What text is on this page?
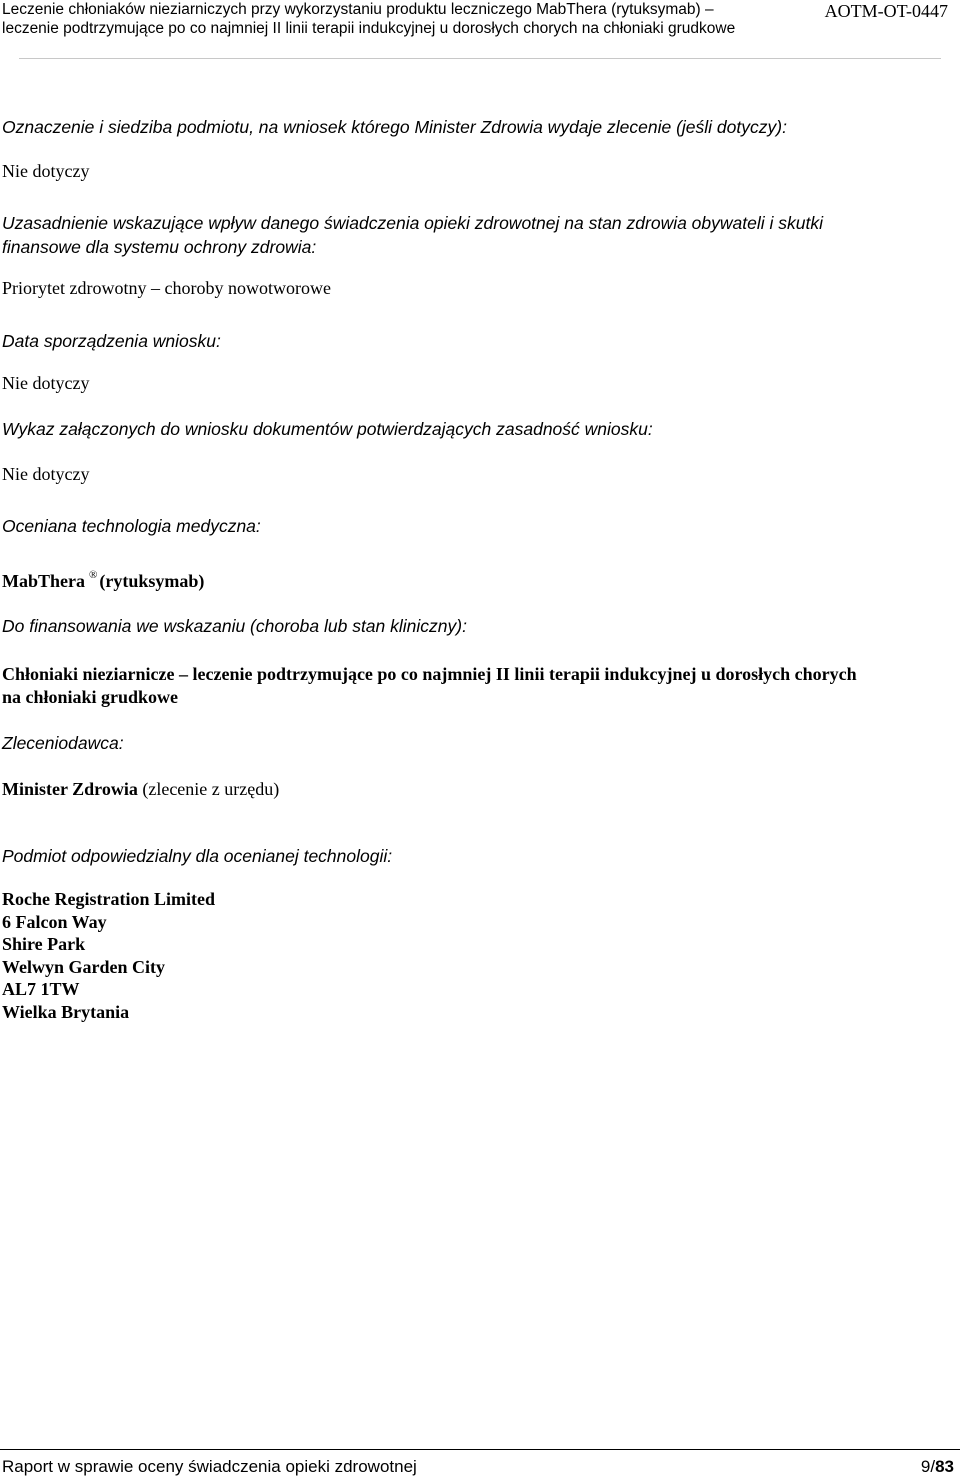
Leczenie chłoniaków nieziarniczych przy wykorzystaniu produktu leczniczego MabThera (rytuksymab) –
leczenie podtrzymujące po co najmniej II linii terapii indukcyjnej u dorosłych chorych na chłoniaki grudkowe
AOTM-OT-0447
Oznaczenie i siedziba podmiotu, na wniosek którego Minister Zdrowia wydaje zlecenie (jeśli dotyczy):
Nie dotyczy
Uzasadnienie wskazujące wpływ danego świadczenia opieki zdrowotnej na stan zdrowia obywateli i skutki
finansowe dla systemu ochrony zdrowia:
Priorytet zdrowotny – choroby nowotworowe
Data sporządzenia wniosku:
Nie dotyczy
Wykaz załączonych do wniosku dokumentów potwierdzających zasadność wniosku:
Nie dotyczy
Oceniana technologia medyczna:
MabThera ® (rytuksymab)
Do finansowania we wskazaniu (choroba lub stan kliniczny):
Chłoniaki nieziarnicze – leczenie podtrzymujące po co najmniej II linii terapii indukcyjnej u dorosłych chorych
na chłoniaki grudkowe
Zleceniodawca:
Minister Zdrowia (zlecenie z urzędu)
Podmiot odpowiedzialny dla ocenianej technologii:
Roche Registration Limited
6 Falcon Way
Shire Park
Welwyn Garden City
AL7 1TW
Wielka Brytania
Raport w sprawie oceny świadczenia opieki zdrowotnej	9/83
